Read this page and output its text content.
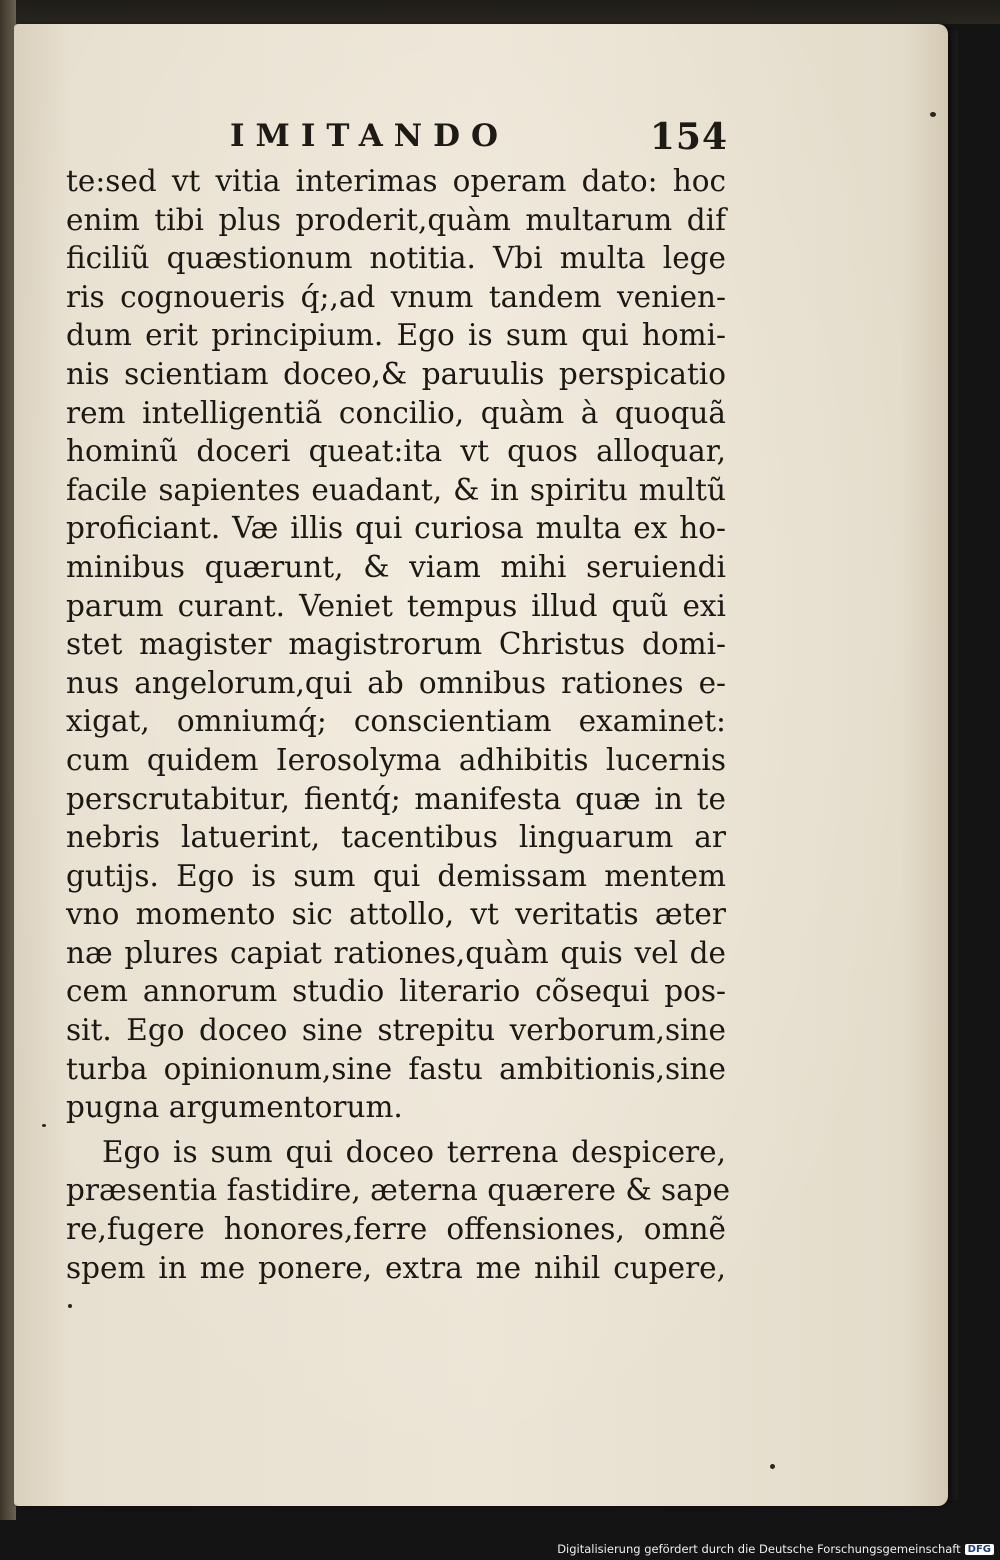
IMITANDO	154
te:sed vt vitia interimas operam dato: hoc
enim tibi plus proderit,quàm multarum dif
ficiliũ quæstionum notitia. Vbi multa lege
ris cognoueris q́;,ad vnum tandem venien-
dum erit principium. Ego is sum qui homi-
nis scientiam doceo,& paruulis perspicatio
rem intelligentiã concilio, quàm à quoquã
hominũ doceri queat:ita vt quos alloquar,
facile sapientes euadant, & in spiritu multũ
proficiant. Væ illis qui curiosa multa ex ho-
minibus quærunt, & viam mihi seruiendi
parum curant. Veniet tempus illud quũ exi
stet magister magistrorum Christus domi-
nus angelorum,qui ab omnibus rationes e-
xigat, omniumq́; conscientiam examinet:
cum quidem Ierosolyma adhibitis lucernis
perscrutabitur, fientq́; manifesta quæ in te
nebris latuerint, tacentibus linguarum ar
gutijs. Ego is sum qui demissam mentem
vno momento sic attollo, vt veritatis æter
næ plures capiat rationes,quàm quis vel de
cem annorum studio literario cõsequi pos-
sit. Ego doceo sine strepitu verborum,sine
turba opinionum,sine fastu ambitionis,sine
pugna argumentorum.
Ego is sum qui doceo terrena despicere,
præsentia fastidire, æterna quærere & sape
re,fugere honores,ferre offensiones, omnẽ
spem in me ponere, extra me nihil cupere,
Digitalisierung gefördert durch die Deutsche Forschungsgemeinschaft DFG
